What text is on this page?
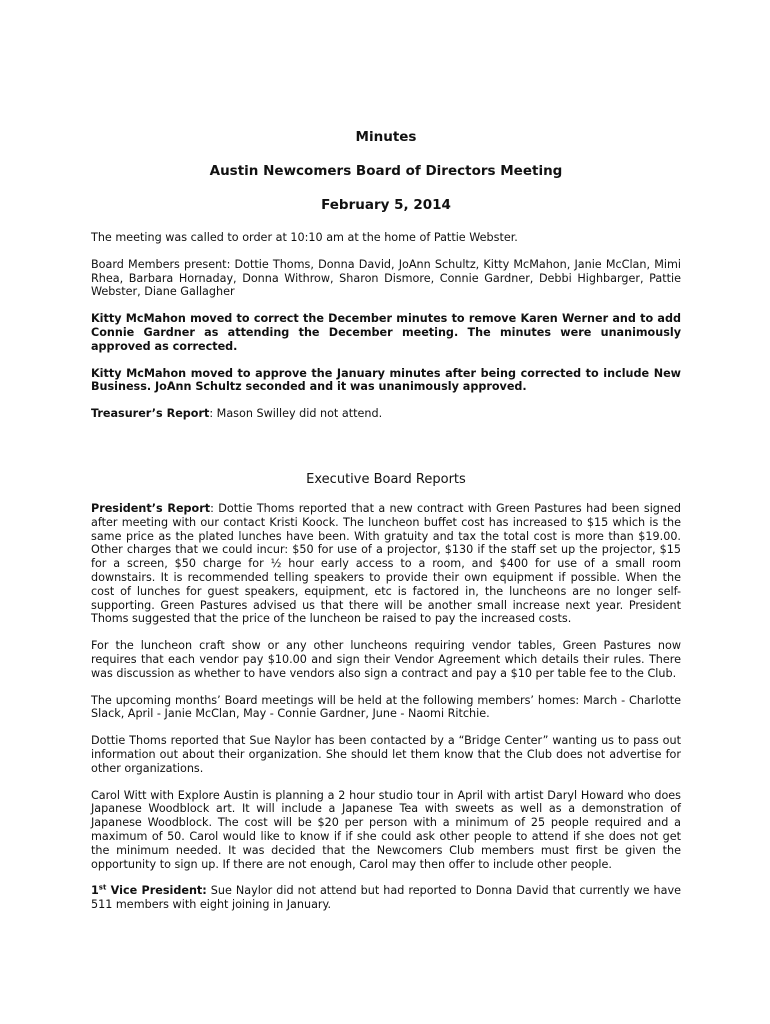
Minutes
Austin Newcomers Board of Directors Meeting
February 5, 2014

The meeting was called to order at 10:10 am at the home of Pattie Webster.

Board Members present: Dottie Thoms, Donna David, JoAnn Schultz, Kitty McMahon, Janie McClan, Mimi Rhea, Barbara Hornaday, Donna Withrow, Sharon Dismore, Connie Gardner, Debbi Highbarger, Pattie Webster, Diane Gallagher

Kitty McMahon moved to correct the December minutes to remove Karen Werner and to add Connie Gardner as attending the December meeting. The minutes were unanimously approved as corrected.

Kitty McMahon moved to approve the January minutes after being corrected to include New Business. JoAnn Schultz seconded and it was unanimously approved.

Treasurer’s Report: Mason Swilley did not attend.

Executive Board Reports

President’s Report: Dottie Thoms reported that a new contract with Green Pastures had been signed after meeting with our contact Kristi Koock. The luncheon buffet cost has increased to $15 which is the same price as the plated lunches have been. With gratuity and tax the total cost is more than $19.00. Other charges that we could incur: $50 for use of a projector, $130 if the staff set up the projector, $15 for a screen, $50 charge for ½ hour early access to a room, and $400 for use of a small room downstairs. It is recommended telling speakers to provide their own equipment if possible. When the cost of lunches for guest speakers, equipment, etc is factored in, the luncheons are no longer self-supporting. Green Pastures advised us that there will be another small increase next year. President Thoms suggested that the price of the luncheon be raised to pay the increased costs.

For the luncheon craft show or any other luncheons requiring vendor tables, Green Pastures now requires that each vendor pay $10.00 and sign their Vendor Agreement which details their rules. There was discussion as whether to have vendors also sign a contract and pay a $10 per table fee to the Club.

The upcoming months’ Board meetings will be held at the following members’ homes: March - Charlotte Slack, April - Janie McClan, May - Connie Gardner, June - Naomi Ritchie.

Dottie Thoms reported that Sue Naylor has been contacted by a “Bridge Center” wanting us to pass out information out about their organization. She should let them know that the Club does not advertise for other organizations.

Carol Witt with Explore Austin is planning a 2 hour studio tour in April with artist Daryl Howard who does Japanese Woodblock art. It will include a Japanese Tea with sweets as well as a demonstration of Japanese Woodblock. The cost will be $20 per person with a minimum of 25 people required and a maximum of 50. Carol would like to know if if she could ask other people to attend if she does not get the minimum needed. It was decided that the Newcomers Club members must first be given the opportunity to sign up. If there are not enough, Carol may then offer to include other people.

1st Vice President: Sue Naylor did not attend but had reported to Donna David that currently we have 511 members with eight joining in January.
